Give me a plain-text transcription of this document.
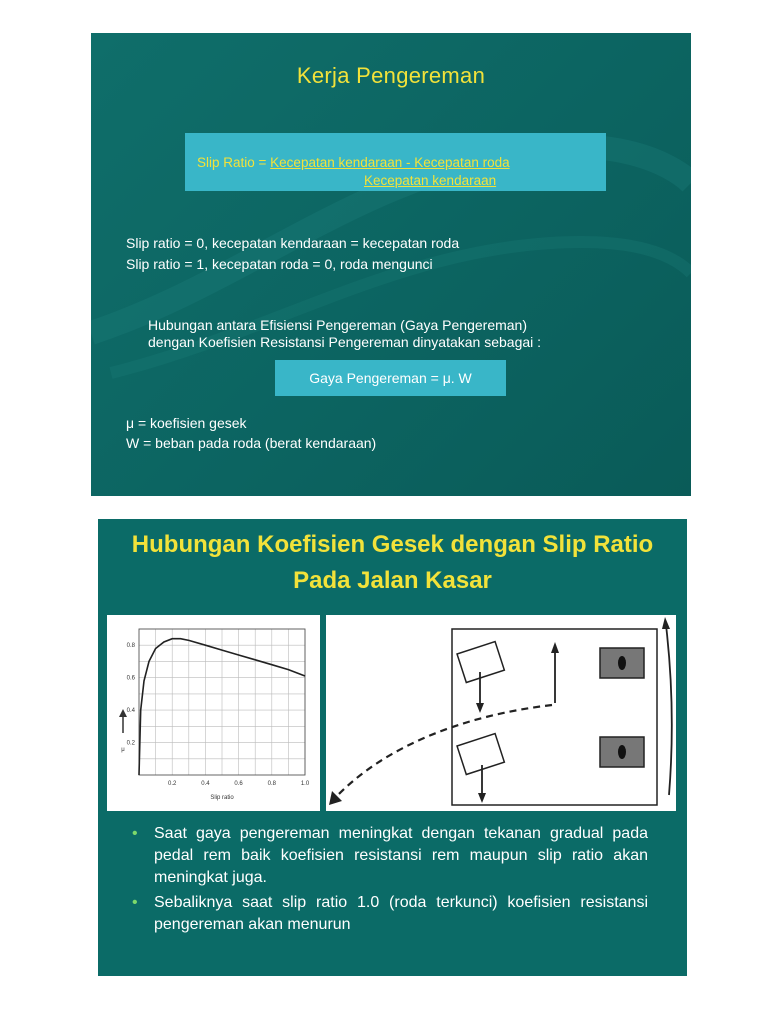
Kerja Pengereman
Slip Ratio = Kecepatan kendaraan - Kecepatan roda
Kecepatan kendaraan
Slip ratio = 0, kecepatan kendaraan = kecepatan roda
Slip ratio = 1, kecepatan roda = 0, roda mengunci
Hubungan antara Efisiensi Pengereman (Gaya Pengereman)
dengan Koefisien Resistansi Pengereman dinyatakan sebagai :
Gaya Pengereman = μ. W
μ = koefisien gesek
W = beban pada roda (berat kendaraan)
Hubungan Koefisien Gesek dengan Slip Ratio
Pada Jalan Kasar
0.2	0.4	0.6	0.8	1.0
0.2
0.4
0.6
0.8
Slip ratio
μ
• Saat gaya pengereman meningkat dengan tekanan gradual pada pedal rem baik koefisien resistansi rem maupun slip ratio akan meningkat juga.
• Sebaliknya saat slip ratio 1.0 (roda terkunci) koefisien resistansi pengereman akan menurun
